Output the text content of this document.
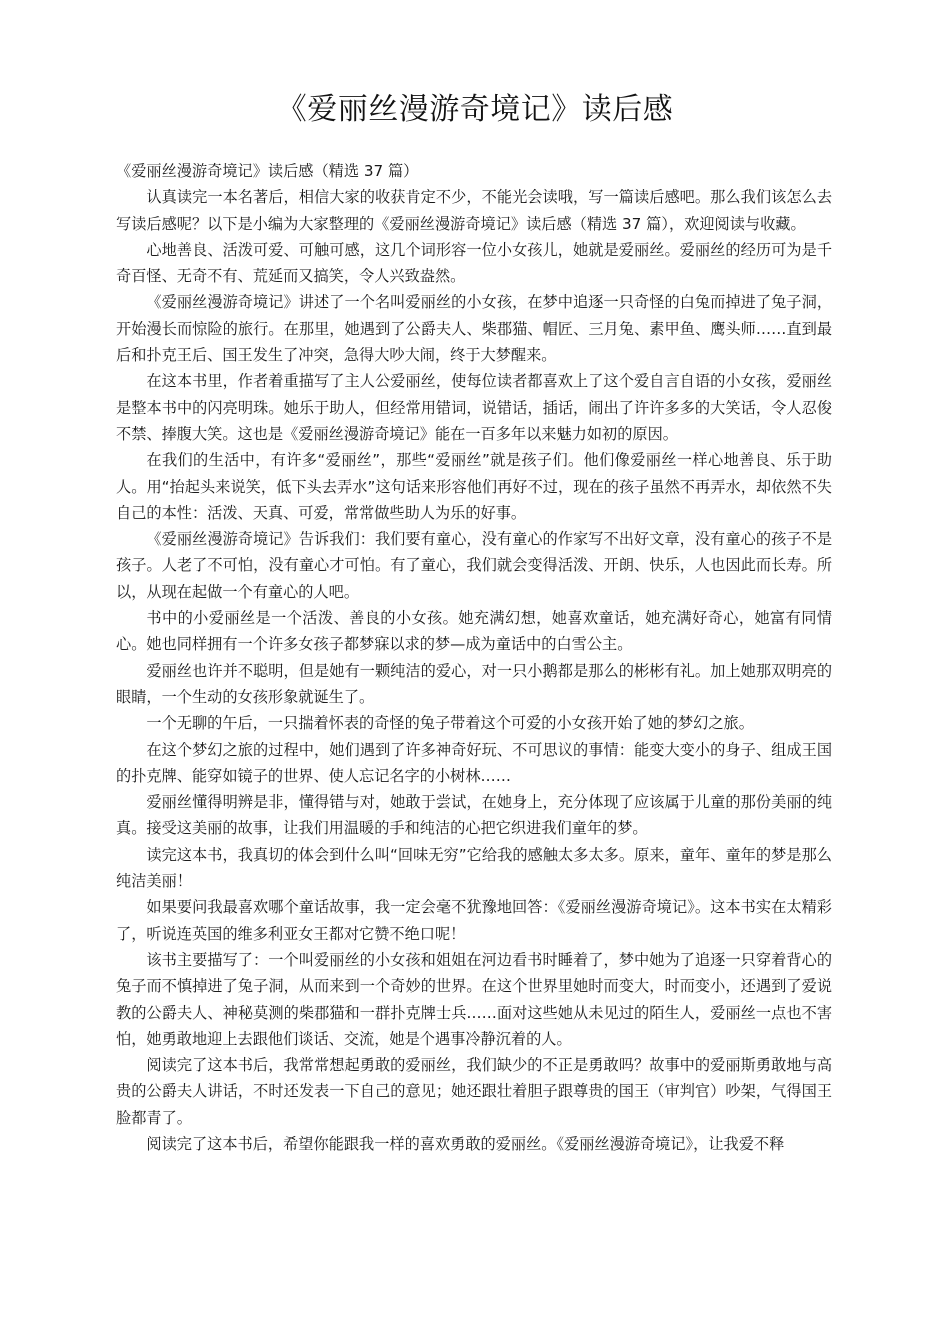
《爱丽丝漫游奇境记》读后感

《爱丽丝漫游奇境记》读后感（精选 37 篇）

认真读完一本名著后，相信大家的收获肯定不少，不能光会读哦，写一篇读后感吧。那么我们该怎么去写读后感呢？以下是小编为大家整理的《爱丽丝漫游奇境记》读后感（精选 37 篇），欢迎阅读与收藏。

心地善良、活泼可爱、可触可感，这几个词形容一位小女孩儿，她就是爱丽丝。爱丽丝的经历可为是千奇百怪、无奇不有、荒延而又搞笑，令人兴致盎然。

《爱丽丝漫游奇境记》讲述了一个名叫爱丽丝的小女孩，在梦中追逐一只奇怪的白兔而掉进了兔子洞，开始漫长而惊险的旅行。在那里，她遇到了公爵夫人、柴郡猫、帽匠、三月兔、素甲鱼、鹰头师……直到最后和扑克王后、国王发生了冲突，急得大吵大闹，终于大梦醒来。

在这本书里，作者着重描写了主人公爱丽丝，使每位读者都喜欢上了这个爱自言自语的小女孩，爱丽丝是整本书中的闪亮明珠。她乐于助人，但经常用错词，说错话，插话，闹出了许许多多的大笑话，令人忍俊不禁、捧腹大笑。这也是《爱丽丝漫游奇境记》能在一百多年以来魅力如初的原因。

在我们的生活中，有许多“爱丽丝”，那些“爱丽丝”就是孩子们。他们像爱丽丝一样心地善良、乐于助人。用“抬起头来说笑，低下头去弄水”这句话来形容他们再好不过，现在的孩子虽然不再弄水，却依然不失自己的本性：活泼、天真、可爱，常常做些助人为乐的好事。

《爱丽丝漫游奇境记》告诉我们：我们要有童心，没有童心的作家写不出好文章，没有童心的孩子不是孩子。人老了不可怕，没有童心才可怕。有了童心，我们就会变得活泼、开朗、快乐，人也因此而长寿。所以，从现在起做一个有童心的人吧。

书中的小爱丽丝是一个活泼、善良的小女孩。她充满幻想，她喜欢童话，她充满好奇心，她富有同情心。她也同样拥有一个许多女孩子都梦寐以求的梦—成为童话中的白雪公主。

爱丽丝也许并不聪明，但是她有一颗纯洁的爱心，对一只小鹅都是那么的彬彬有礼。加上她那双明亮的眼睛，一个生动的女孩形象就诞生了。

一个无聊的午后，一只揣着怀表的奇怪的兔子带着这个可爱的小女孩开始了她的梦幻之旅。

在这个梦幻之旅的过程中，她们遇到了许多神奇好玩、不可思议的事情：能变大变小的身子、组成王国的扑克牌、能穿如镜子的世界、使人忘记名字的小树林……

爱丽丝懂得明辨是非，懂得错与对，她敢于尝试，在她身上，充分体现了应该属于儿童的那份美丽的纯真。接受这美丽的故事，让我们用温暖的手和纯洁的心把它织进我们童年的梦。

读完这本书，我真切的体会到什么叫“回味无穷”它给我的感触太多太多。原来，童年、童年的梦是那么纯洁美丽！

如果要问我最喜欢哪个童话故事，我一定会毫不犹豫地回答：《爱丽丝漫游奇境记》。这本书实在太精彩了，听说连英国的维多利亚女王都对它赞不绝口呢！

该书主要描写了：一个叫爱丽丝的小女孩和姐姐在河边看书时睡着了，梦中她为了追逐一只穿着背心的兔子而不慎掉进了兔子洞，从而来到一个奇妙的世界。在这个世界里她时而变大，时而变小，还遇到了爱说教的公爵夫人、神秘莫测的柴郡猫和一群扑克牌士兵……面对这些她从未见过的陌生人，爱丽丝一点也不害怕，她勇敢地迎上去跟他们谈话、交流，她是个遇事冷静沉着的人。

阅读完了这本书后，我常常想起勇敢的爱丽丝，我们缺少的不正是勇敢吗？故事中的爱丽斯勇敢地与高贵的公爵夫人讲话，不时还发表一下自己的意见；她还跟壮着胆子跟尊贵的国王（审判官）吵架，气得国王脸都青了。

阅读完了这本书后，希望你能跟我一样的喜欢勇敢的爱丽丝。《爱丽丝漫游奇境记》，让我爱不释
